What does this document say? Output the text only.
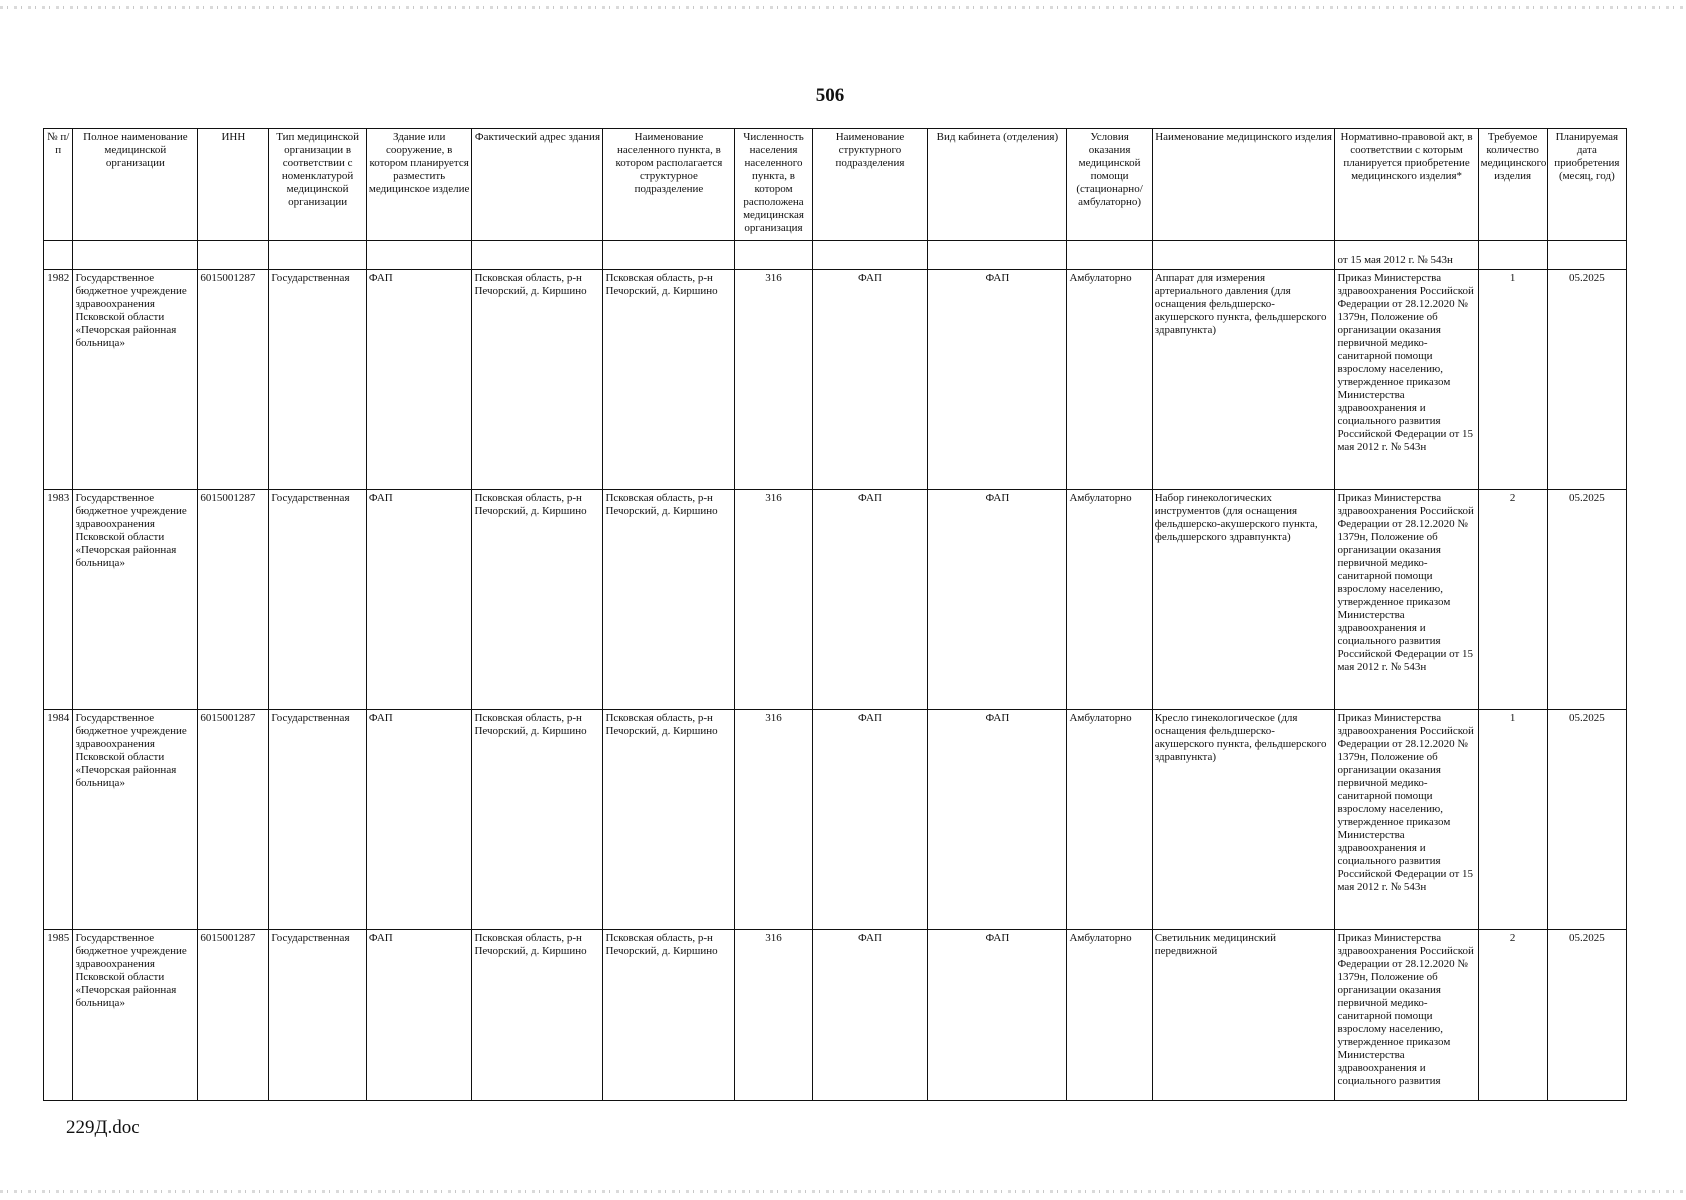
506
№ п/п	Полное наименование медицинской организации	ИНН	Тип медицинской организации в соответствии с номенклатурой медицинской организации	Здание или сооружение, в котором планируется разместить медицинское изделие	Фактический адрес здания	Наименование населенного пункта, в котором располагается структурное подразделение	Численность населения населенного пункта, в котором расположена медицинская организация	Наименование структурного подразделения	Вид кабинета (отделения)	Условия оказания медицинской помощи (стационарно/ амбулаторно)	Наименование медицинского изделия	Нормативно-правовой акт, в соответствии с которым планируется приобретение медицинского изделия*	Требуемое количество медицинского изделия	Планируемая дата приобретения (месяц, год)
												от 15 мая 2012 г. № 543н		
1982	Государственное бюджетное учреждение здравоохранения Псковской области «Печорская районная больница»	6015001287	Государственная	ФАП	Псковская область, р-н Печорский, д. Киршино	Псковская область, р-н Печорский, д. Киршино	316	ФАП	ФАП	Амбулаторно	Аппарат для измерения артериального давления (для оснащения фельдшерско-акушерского пункта, фельдшерского здравпункта)	Приказ Министерства здравоохранения Российской Федерации от 28.12.2020 № 1379н, Положение об организации оказания первичной медико-санитарной помощи взрослому населению, утвержденное приказом Министерства здравоохранения и социального развития Российской Федерации от 15 мая 2012 г. № 543н	1	05.2025
1983	Государственное бюджетное учреждение здравоохранения Псковской области «Печорская районная больница»	6015001287	Государственная	ФАП	Псковская область, р-н Печорский, д. Киршино	Псковская область, р-н Печорский, д. Киршино	316	ФАП	ФАП	Амбулаторно	Набор гинекологических инструментов (для оснащения фельдшерско-акушерского пункта, фельдшерского здравпункта)	Приказ Министерства здравоохранения Российской Федерации от 28.12.2020 № 1379н, Положение об организации оказания первичной медико-санитарной помощи взрослому населению, утвержденное приказом Министерства здравоохранения и социального развития Российской Федерации от 15 мая 2012 г. № 543н	2	05.2025
1984	Государственное бюджетное учреждение здравоохранения Псковской области «Печорская районная больница»	6015001287	Государственная	ФАП	Псковская область, р-н Печорский, д. Киршино	Псковская область, р-н Печорский, д. Киршино	316	ФАП	ФАП	Амбулаторно	Кресло гинекологическое (для оснащения фельдшерско-акушерского пункта, фельдшерского здравпункта)	Приказ Министерства здравоохранения Российской Федерации от 28.12.2020 № 1379н, Положение об организации оказания первичной медико-санитарной помощи взрослому населению, утвержденное приказом Министерства здравоохранения и социального развития Российской Федерации от 15 мая 2012 г. № 543н	1	05.2025
1985	Государственное бюджетное учреждение здравоохранения Псковской области «Печорская районная больница»	6015001287	Государственная	ФАП	Псковская область, р-н Печорский, д. Киршино	Псковская область, р-н Печорский, д. Киршино	316	ФАП	ФАП	Амбулаторно	Светильник медицинский передвижной	Приказ Министерства здравоохранения Российской Федерации от 28.12.2020 № 1379н, Положение об организации оказания первичной медико-санитарной помощи взрослому населению, утвержденное приказом Министерства здравоохранения и социального развития	2	05.2025
229Д.doc
